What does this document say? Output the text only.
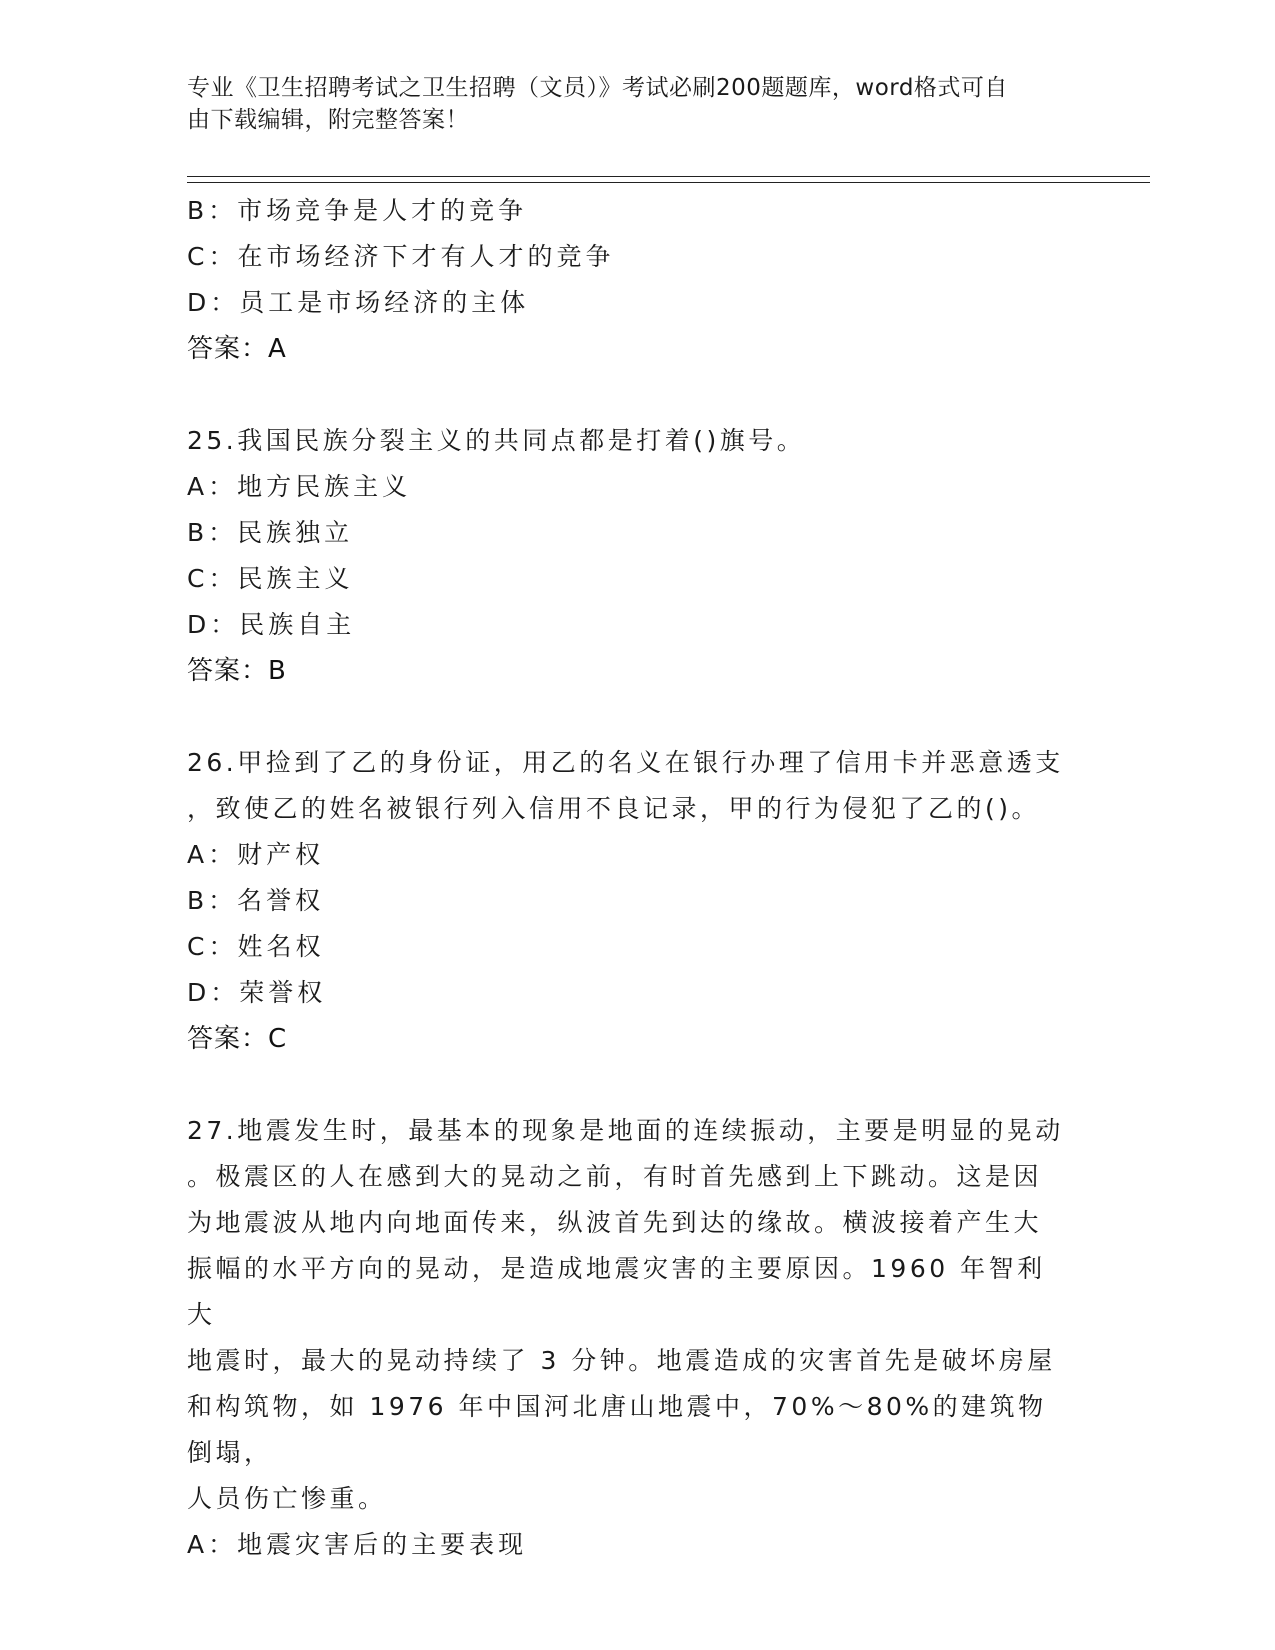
专业《卫生招聘考试之卫生招聘（文员）》考试必刷200题题库，word格式可自
由下载编辑，附完整答案！
B：市场竞争是人才的竞争
C：在市场经济下才有人才的竞争
D：员工是市场经济的主体
答案：A
25.我国民族分裂主义的共同点都是打着()旗号。
A：地方民族主义
B：民族独立
C：民族主义
D：民族自主
答案：B
26.甲捡到了乙的身份证，用乙的名义在银行办理了信用卡并恶意透支
，致使乙的姓名被银行列入信用不良记录，甲的行为侵犯了乙的()。
A：财产权
B：名誉权
C：姓名权
D：荣誉权
答案：C
27.地震发生时，最基本的现象是地面的连续振动，主要是明显的晃动
。极震区的人在感到大的晃动之前，有时首先感到上下跳动。这是因
为地震波从地内向地面传来，纵波首先到达的缘故。横波接着产生大
振幅的水平方向的晃动，是造成地震灾害的主要原因。1960 年智利大
地震时，最大的晃动持续了 3 分钟。地震造成的灾害首先是破坏房屋
和构筑物，如 1976 年中国河北唐山地震中，70%～80%的建筑物倒塌，
人员伤亡惨重。
A：地震灾害后的主要表现
